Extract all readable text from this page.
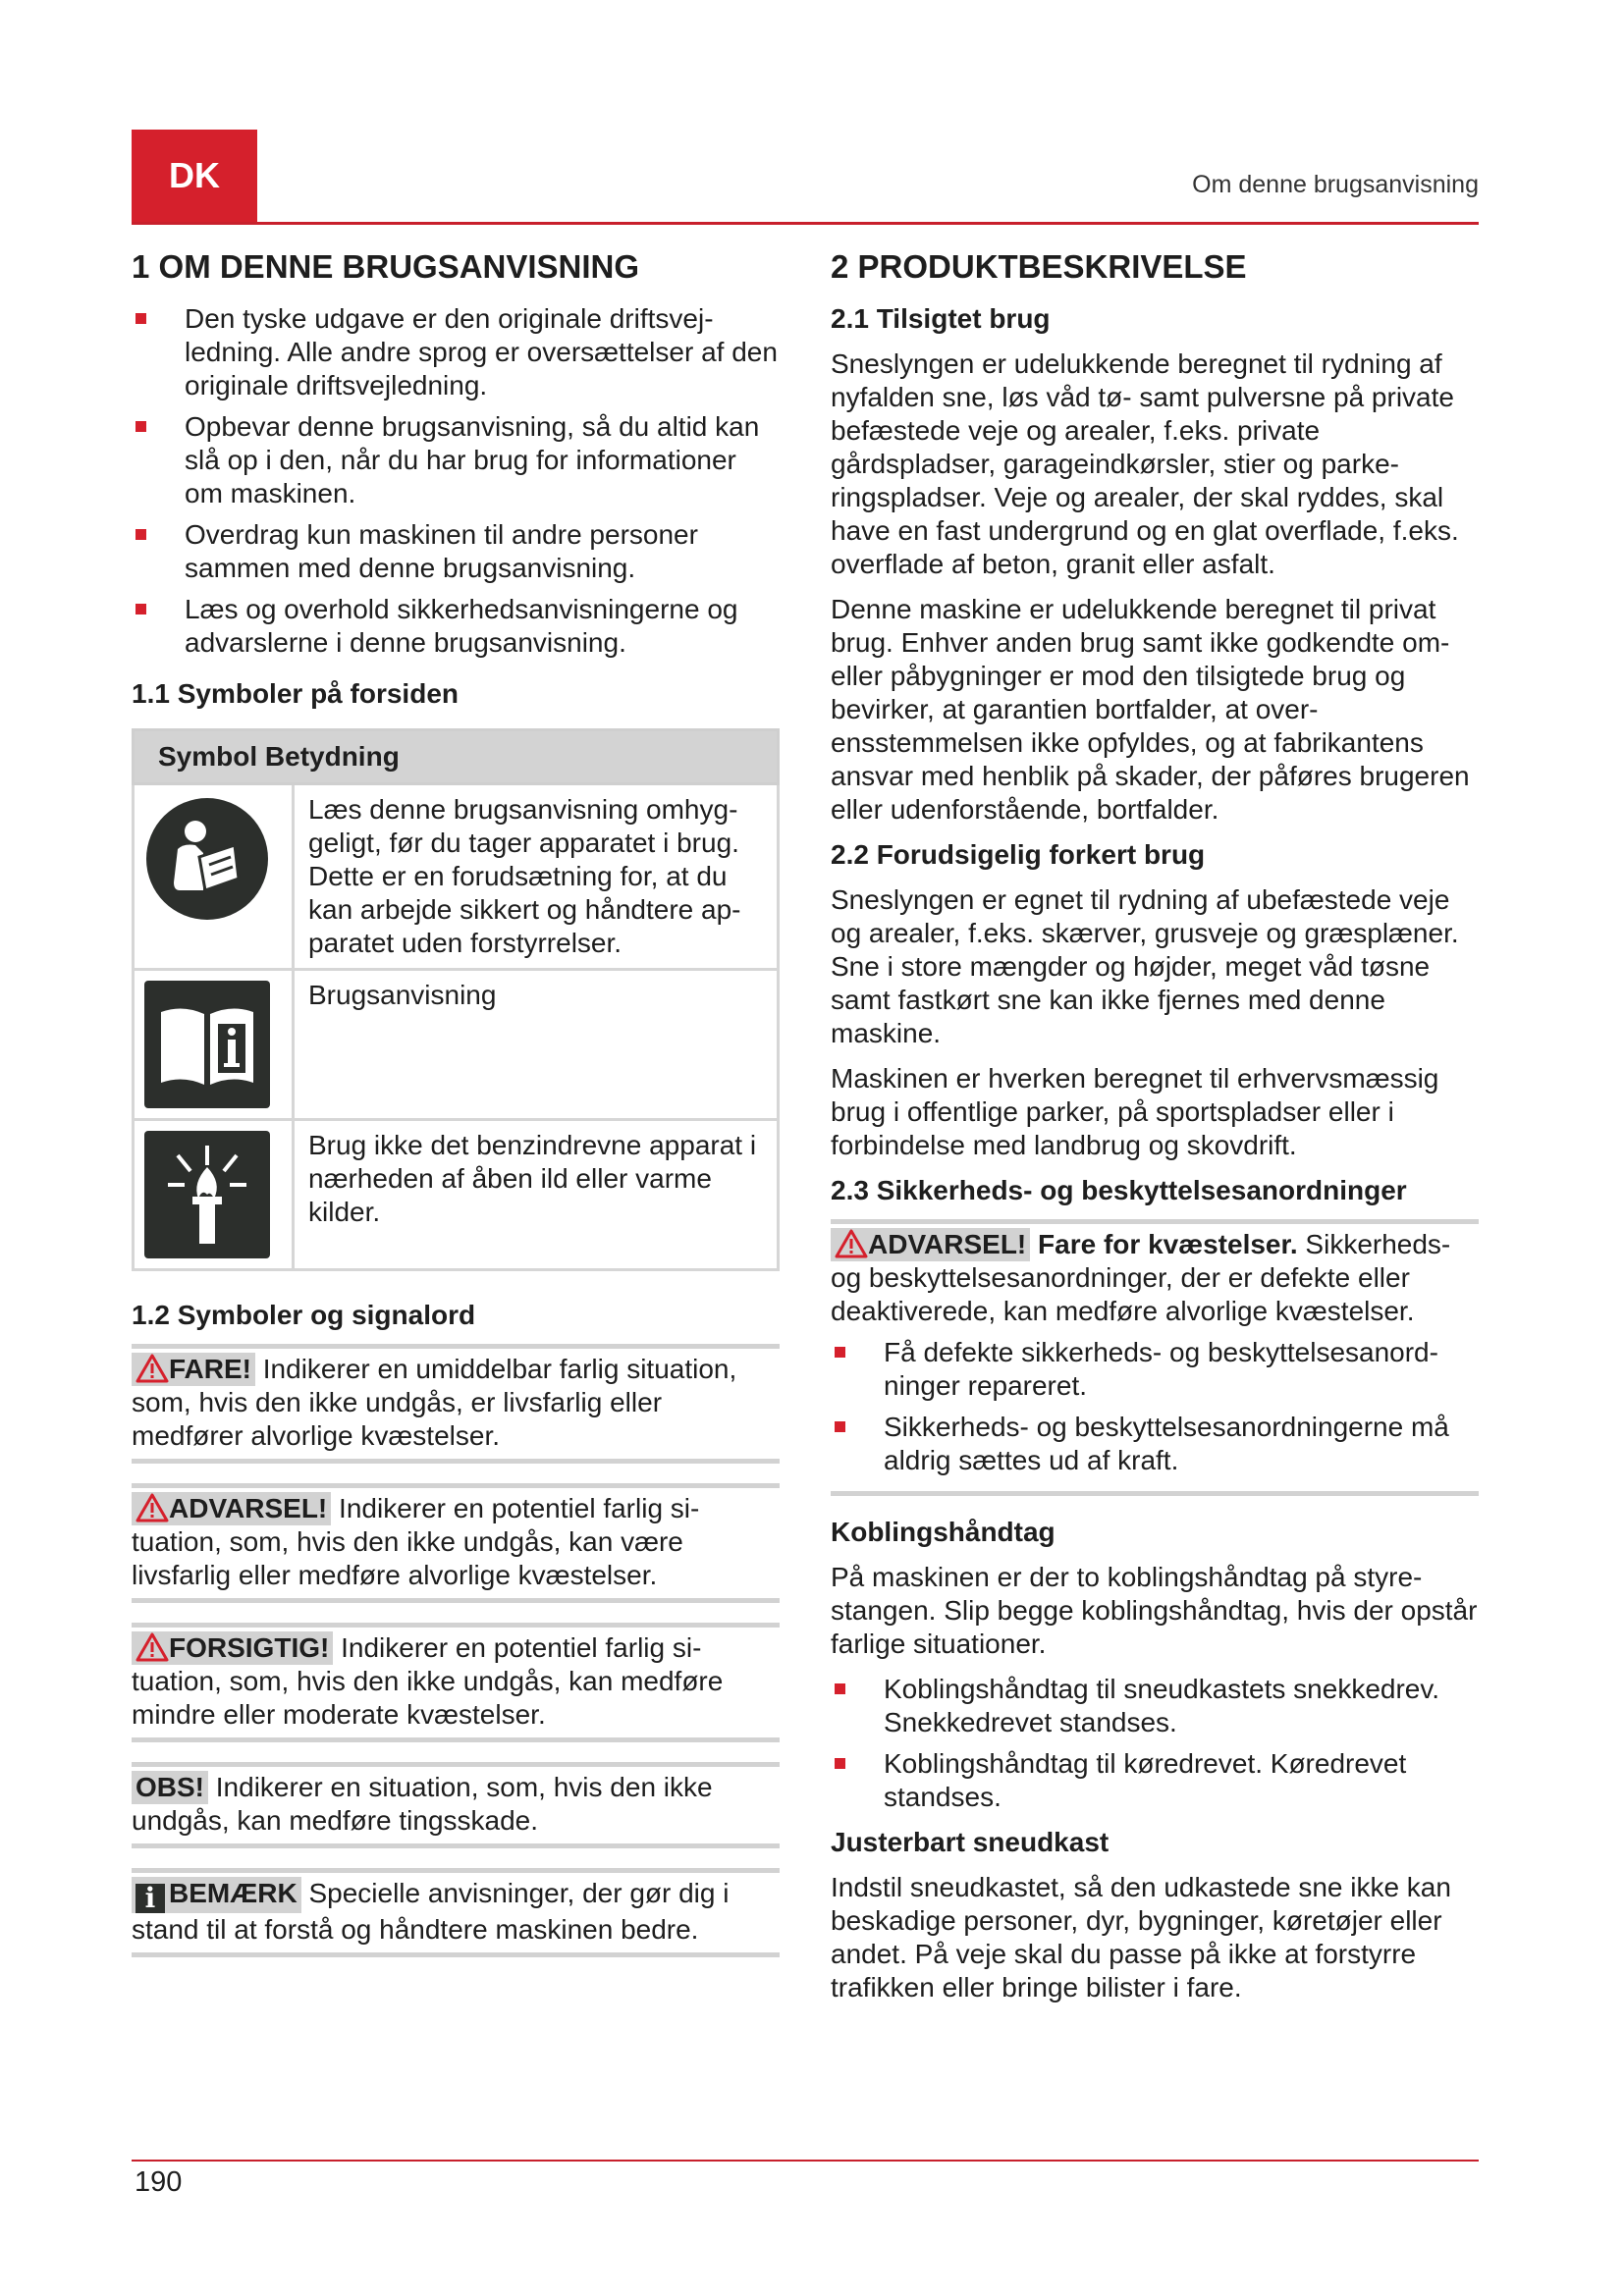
DK	Om denne brugsanvisning
1 OM DENNE BRUGSANVISNING
Den tyske udgave er den originale driftsvejledning. Alle andre sprog er oversættelser af den originale driftsvejledning.
Opbevar denne brugsanvisning, så du altid kan slå op i den, når du har brug for informationer om maskinen.
Overdrag kun maskinen til andre personer sammen med denne brugsanvisning.
Læs og overhold sikkerhedsanvisningerne og advarslerne i denne brugsanvisning.
1.1 Symboler på forsiden
Symbol Betydning	

	Læs denne brugsanvisning omhyggeligt, før du tager apparatet i brug. Dette er en forudsætning for, at du kan arbejde sikkert og håndtere apparatet uden forstyrrelser.

	Brugsanvisning

	Brug ikke det benzindrevne apparat i nærheden af åben ild eller varme kilder.
1.2 Symboler og signalord

FARE! Indikerer en umiddelbar farlig situation, som, hvis den ikke undgås, er livsfarlig eller medfører alvorlige kvæstelser.

ADVARSEL! Indikerer en potentiel farlig situation, som, hvis den ikke undgås, kan være livsfarlig eller medføre alvorlige kvæstelser.

FORSIGTIG! Indikerer en potentiel farlig situation, som, hvis den ikke undgås, kan medføre mindre eller moderate kvæstelser.

OBS! Indikerer en situation, som, hvis den ikke undgås, kan medføre tingsskade.

i BEMÆRK Specielle anvisninger, der gør dig i stand til at forstå og håndtere maskinen bedre.

2 PRODUKTBESKRIVELSE
2.1 Tilsigtet brug

Sneslyngen er udelukkende beregnet til rydning af nyfalden sne, løs våd tø- samt pulversne på private befæstede veje og arealer, f.eks. private gårdspladser, garageindkørsler, stier og parkeringspladser. Veje og arealer, der skal ryddes, skal have en fast undergrund og en glat overflade, f.eks. overflade af beton, granit eller asfalt.

Denne maskine er udelukkende beregnet til privat brug. Enhver anden brug samt ikke godkendte om- eller påbygninger er mod den tilsigtede brug og bevirker, at garantien bortfalder, at overensstemmelsen ikke opfyldes, og at fabrikantens ansvar med henblik på skader, der påføres brugeren eller udenforstående, bortfalder.

2.2 Forudsigelig forkert brug

Sneslyngen er egnet til rydning af ubefæstede veje og arealer, f.eks. skærver, grusveje og græsplæner. Sne i store mængder og højder, meget våd tøsne samt fastkørt sne kan ikke fjernes med denne maskine.

Maskinen er hverken beregnet til erhvervsmæssig brug i offentlige parker, på sportspladser eller i forbindelse med landbrug og skovdrift.

2.3 Sikkerheds- og beskyttelsesanordninger

ADVARSEL! Fare for kvæstelser. Sikkerheds- og beskyttelsesanordninger, der er defekte eller deaktiverede, kan medføre alvorlige kvæstelser.

Få defekte sikkerheds- og beskyttelsesanordninger repareret.
Sikkerheds- og beskyttelsesanordningerne må aldrig sættes ud af kraft.
Koblingshåndtag

På maskinen er der to koblingshåndtag på styrestangen. Slip begge koblingshåndtag, hvis der opstår farlige situationer.

Koblingshåndtag til sneudkastets snekkedrev. Snekkedrevet standses.
Koblingshåndtag til køredrevet. Køredrevet standses.
Justerbart sneudkast

Indstil sneudkastet, så den udkastede sne ikke kan beskadige personer, dyr, bygninger, køretøjer eller andet. På veje skal du passe på ikke at forstyrre trafikken eller bringe bilister i fare.

190
